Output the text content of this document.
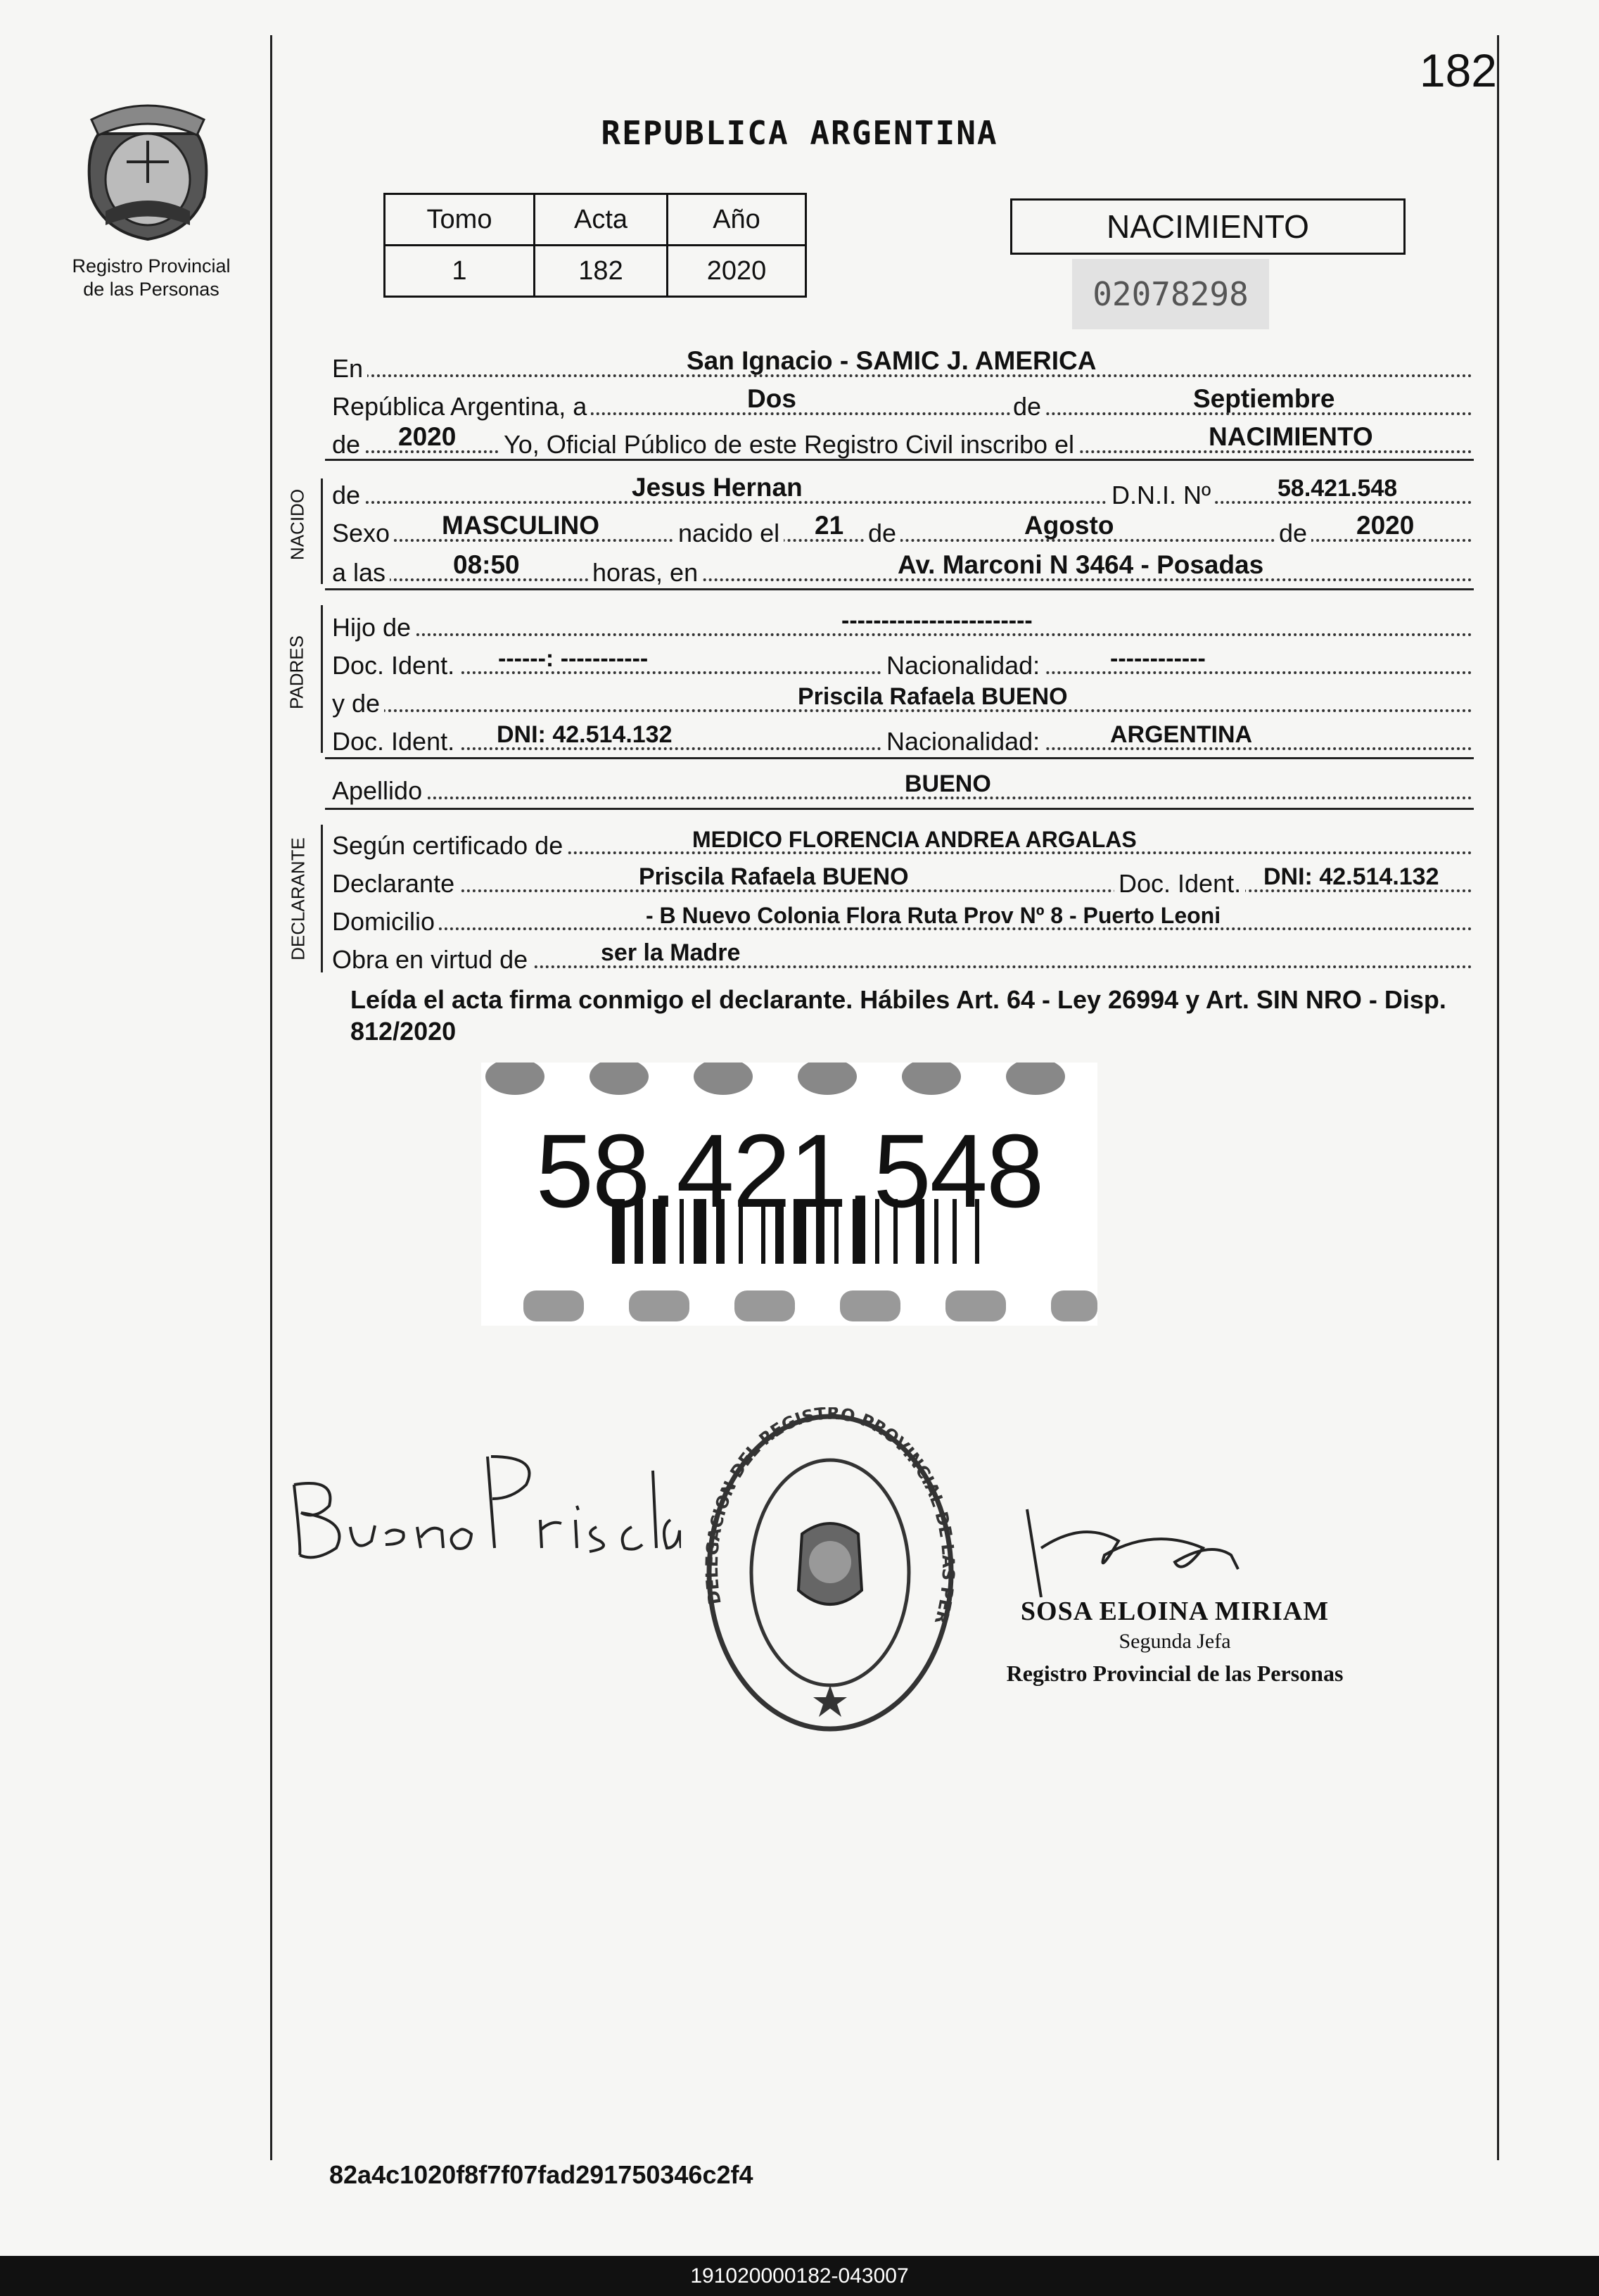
Registro Provincial
de las Personas
182
REPUBLICA ARGENTINA
Tomo	Acta	Año
1	182	2020
NACIMIENTO
02078298
En	San Ignacio - SAMIC J. AMERICA
República Argentina, a	Dos	de	Septiembre
de 2020 Yo, Oficial Público de este Registro Civil inscribo el	NACIMIENTO
NACIDO de	Jesus Hernan	D.N.I. Nº	58.421.548
Sexo MASCULINO	nacido el 21 de	Agosto	de 2020
a las	08:50	horas, en	Av. Marconi N 3464 - Posadas
PADRES
Hijo de	------------------------
Doc. Ident. ------: -----------	Nacionalidad:	------------
y de	Priscila Rafaela BUENO
Doc. Ident. DNI: 42.514.132	Nacionalidad:	ARGENTINA
Apellido	BUENO
DECLARANTE Según certificado de	MEDICO FLORENCIA ANDREA ARGALAS
Declarante	Priscila Rafaela BUENO	Doc. Ident. DNI: 42.514.132
Domicilio	- B Nuevo Colonia Flora Ruta Prov Nº 8 - Puerto Leoni
Obra en virtud de	ser la Madre
Leída el acta firma conmigo el declarante. Hábiles Art. 64 - Ley 26994 y Art. SIN NRO - Disp. 812/2020
58.421.548
DELEGACION DEL REGISTRO PROVINCIAL DE LAS PER	SOSA ELOINA MIRIAM
Segunda Jefa
Registro Provincial de las Personas
82a4c1020f8f7f07fad291750346c2f4
191020000182-043007
